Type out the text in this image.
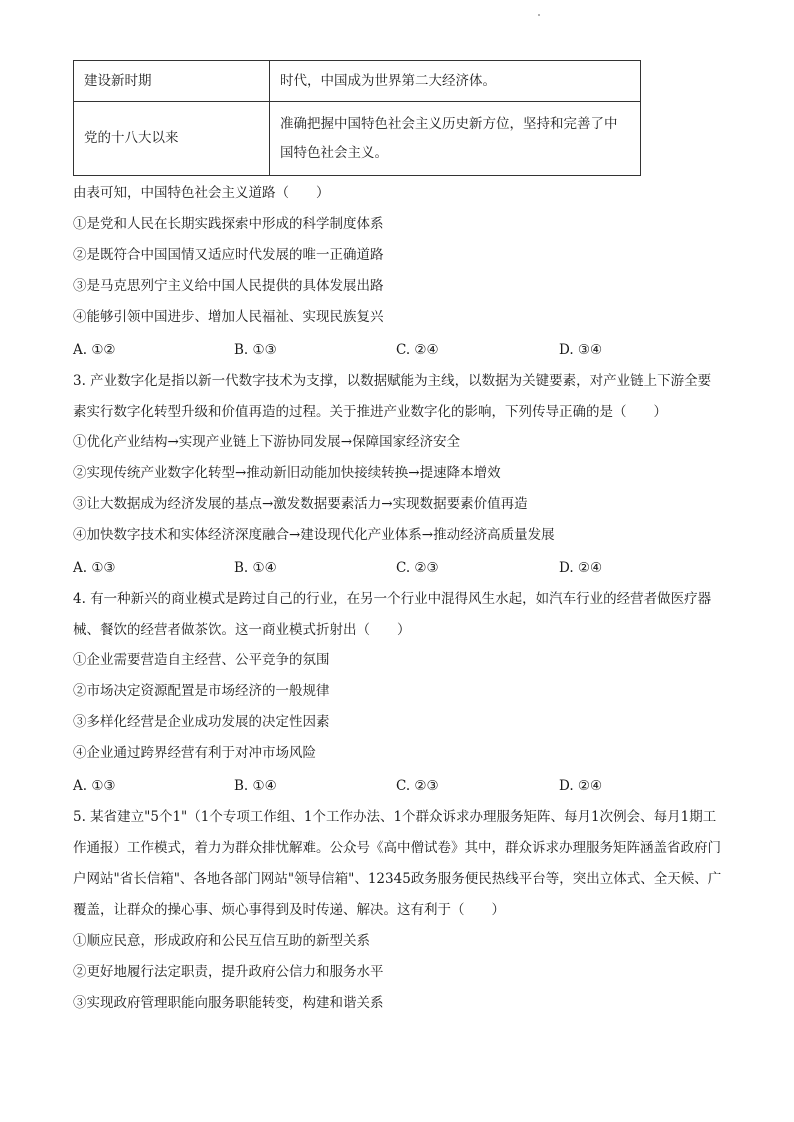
建设新时期	时代，中国成为世界第二大经济体。
党的十八大以来	准确把握中国特色社会主义历史新方位，坚持和完善了中国特色社会主义。
由表可知，中国特色社会主义道路（　　）
①是党和人民在长期实践探索中形成的科学制度体系
②是既符合中国国情又适应时代发展的唯一正确道路
③是马克思列宁主义给中国人民提供的具体发展出路
④能够引领中国进步、增加人民福祉、实现民族复兴
A. ①②	B. ①③	C. ②④	D. ③④
3. 产业数字化是指以新一代数字技术为支撑，以数据赋能为主线，以数据为关键要素，对产业链上下游全要素实行数字化转型升级和价值再造的过程。关于推进产业数字化的影响，下列传导正确的是（　　）
①优化产业结构→实现产业链上下游协同发展→保障国家经济安全
②实现传统产业数字化转型→推动新旧动能加快接续转换→提速降本增效
③让大数据成为经济发展的基点→激发数据要素活力→实现数据要素价值再造
④加快数字技术和实体经济深度融合→建设现代化产业体系→推动经济高质量发展
A. ①③	B. ①④	C. ②③	D. ②④
4. 有一种新兴的商业模式是跨过自己的行业，在另一个行业中混得风生水起，如汽车行业的经营者做医疗器械、餐饮的经营者做茶饮。这一商业模式折射出（　　）
①企业需要营造自主经营、公平竞争的氛围
②市场决定资源配置是市场经济的一般规律
③多样化经营是企业成功发展的决定性因素
④企业通过跨界经营有利于对冲市场风险
A. ①③	B. ①④	C. ②③	D. ②④
5. 某省建立"5个1"（1个专项工作组、1个工作办法、1个群众诉求办理服务矩阵、每月1次例会、每月1期工作通报）工作模式，着力为群众排忧解难。公众号《高中僧试卷》其中，群众诉求办理服务矩阵涵盖省政府门户网站"省长信箱"、各地各部门网站"领导信箱"、12345政务服务便民热线平台等，突出立体式、全天候、广覆盖，让群众的操心事、烦心事得到及时传递、解决。这有利于（　　）
①顺应民意，形成政府和公民互信互助的新型关系
②更好地履行法定职责，提升政府公信力和服务水平
③实现政府管理职能向服务职能转变，构建和谐关系
